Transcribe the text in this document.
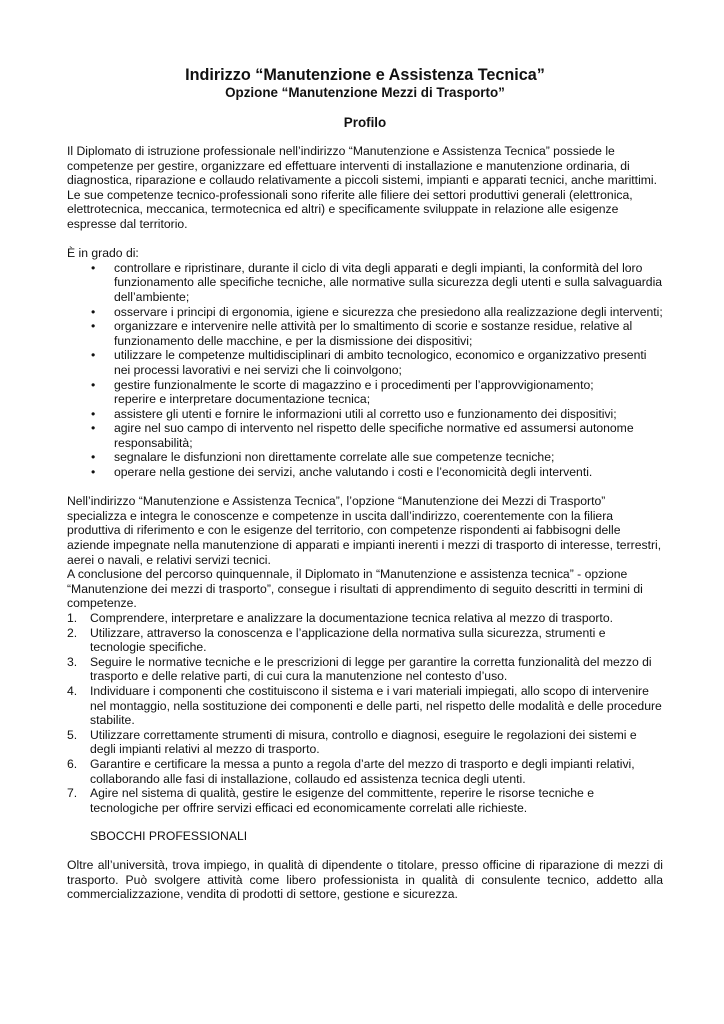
Indirizzo “Manutenzione e Assistenza Tecnica”
Opzione “Manutenzione Mezzi di Trasporto”
Profilo

Il Diplomato di istruzione professionale nell’indirizzo “Manutenzione e Assistenza Tecnica” possiede le competenze per gestire, organizzare ed effettuare interventi di installazione e manutenzione ordinaria, di diagnostica, riparazione e collaudo relativamente a piccoli sistemi, impianti e apparati tecnici, anche marittimi.

Le sue competenze tecnico-professionali sono riferite alle filiere dei settori produttivi generali (elettronica, elettrotecnica, meccanica, termotecnica ed altri) e specificamente sviluppate in relazione alle esigenze espresse dal territorio.

È in grado di:

• controllare e ripristinare, durante il ciclo di vita degli apparati e degli impianti, la conformità del loro funzionamento alle specifiche tecniche, alle normative sulla sicurezza degli utenti e sulla salvaguardia dell’ambiente;
• osservare i principi di ergonomia, igiene e sicurezza che presiedono alla realizzazione degli interventi;
• organizzare e intervenire nelle attività per lo smaltimento di scorie e sostanze residue, relative al funzionamento delle macchine, e per la dismissione dei dispositivi;
• utilizzare le competenze multidisciplinari di ambito tecnologico, economico e organizzativo presenti nei processi lavorativi e nei servizi che li coinvolgono;
• gestire funzionalmente le scorte di magazzino e i procedimenti per l’approvvigionamento;
reperire e interpretare documentazione tecnica;
• assistere gli utenti e fornire le informazioni utili al corretto uso e funzionamento dei dispositivi;
• agire nel suo campo di intervento nel rispetto delle specifiche normative ed assumersi autonome responsabilità;
• segnalare le disfunzioni non direttamente correlate alle sue competenze tecniche;
• operare nella gestione dei servizi, anche valutando i costi e l’economicità degli interventi.

Nell’indirizzo “Manutenzione e Assistenza Tecnica”, l’opzione “Manutenzione dei Mezzi di Trasporto” specializza e integra le conoscenze e competenze in uscita dall’indirizzo, coerentemente con la filiera produttiva di riferimento e con le esigenze del territorio, con competenze rispondenti ai fabbisogni delle aziende impegnate nella manutenzione di apparati e impianti inerenti i mezzi di trasporto di interesse, terrestri, aerei o navali, e relativi servizi tecnici.

A conclusione del percorso quinquennale, il Diplomato in “Manutenzione e assistenza tecnica” - opzione “Manutenzione dei mezzi di trasporto”, consegue i risultati di apprendimento di seguito descritti in termini di competenze.

1. Comprendere, interpretare e analizzare la documentazione tecnica relativa al mezzo di trasporto.
2. Utilizzare, attraverso la conoscenza e l’applicazione della normativa sulla sicurezza, strumenti e tecnologie specifiche.
3. Seguire le normative tecniche e le prescrizioni di legge per garantire la corretta funzionalità del mezzo di trasporto e delle relative parti, di cui cura la manutenzione nel contesto d’uso.
4. Individuare i componenti che costituiscono il sistema e i vari materiali impiegati, allo scopo di intervenire nel montaggio, nella sostituzione dei componenti e delle parti, nel rispetto delle modalità e delle procedure stabilite.
5. Utilizzare correttamente strumenti di misura, controllo e diagnosi, eseguire le regolazioni dei sistemi e degli impianti relativi al mezzo di trasporto.
6. Garantire e certificare la messa a punto a regola d’arte del mezzo di trasporto e degli impianti relativi, collaborando alle fasi di installazione, collaudo ed assistenza tecnica degli utenti.
7. Agire nel sistema di qualità, gestire le esigenze del committente, reperire le risorse tecniche e tecnologiche per offrire servizi efficaci ed economicamente correlati alle richieste.

SBOCCHI PROFESSIONALI

Oltre all’università, trova impiego, in qualità di dipendente o titolare, presso officine di riparazione di mezzi di trasporto. Può svolgere attività come libero professionista in qualità di consulente tecnico, addetto alla commercializzazione, vendita di prodotti di settore, gestione e sicurezza.
